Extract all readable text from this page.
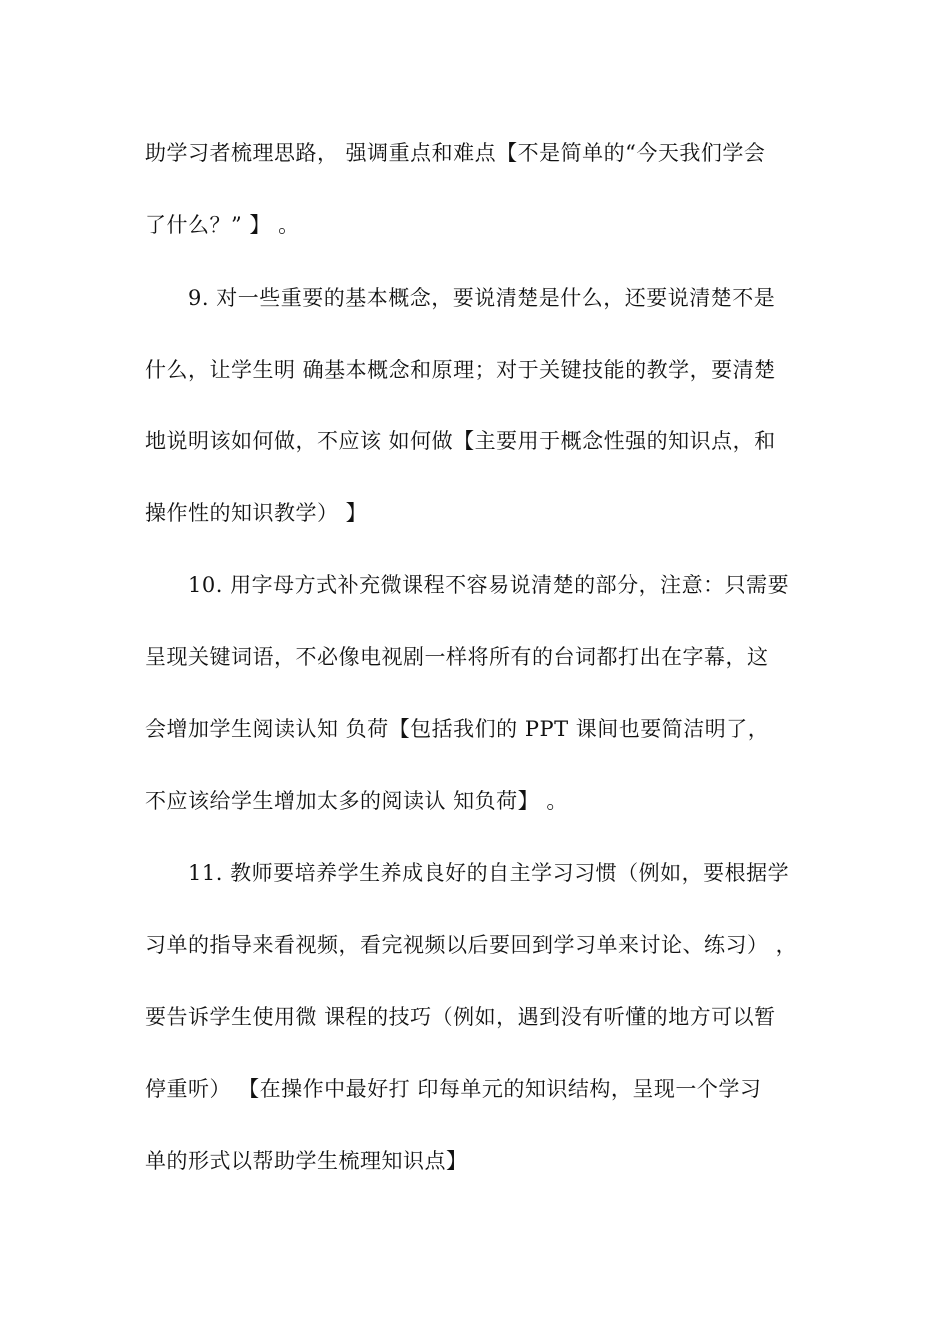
助学习者梳理思路， 强调重点和难点【不是简单的“今天我们学会
了什么？” 】 。
9. 对一些重要的基本概念，要说清楚是什么，还要说清楚不是
什么，让学生明 确基本概念和原理；对于关键技能的教学，要清楚
地说明该如何做，不应该 如何做【主要用于概念性强的知识点，和
操作性的知识教学） 】
10. 用字母方式补充微课程不容易说清楚的部分，注意：只需要
呈现关键词语，不必像电视剧一样将所有的台词都打出在字幕，这
会增加学生阅读认知 负荷【包括我们的 PPT 课间也要简洁明了，
不应该给学生增加太多的阅读认 知负荷】 。
11. 教师要培养学生养成良好的自主学习习惯（例如，要根据学
习单的指导来看视频，看完视频以后要回到学习单来讨论、练习） ，
要告诉学生使用微 课程的技巧（例如，遇到没有听懂的地方可以暂
停重听） 【在操作中最好打 印每单元的知识结构，呈现一个学习
单的形式以帮助学生梳理知识点】
